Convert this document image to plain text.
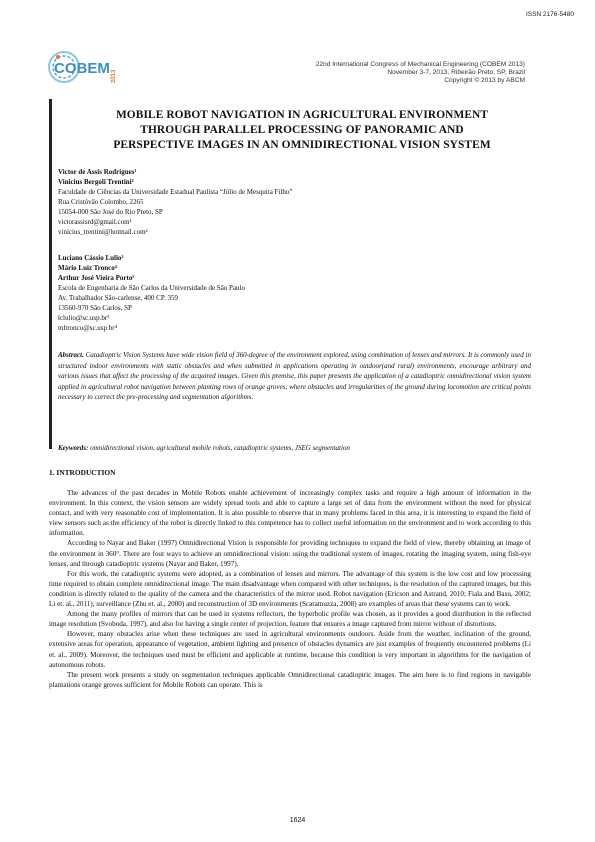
ISSN 2176-5480
COBEM 2013
22nd International Congress of Mechanical Engineering (COBEM 2013)
November 3-7, 2013, Ribeirão Preto, SP, Brazil
Copyright © 2013 by ABCM
MOBILE ROBOT NAVIGATION IN AGRICULTURAL ENVIRONMENT
THROUGH PARALLEL PROCESSING OF PANORAMIC AND
PERSPECTIVE IMAGES IN AN OMNIDIRECTIONAL VISION SYSTEM
Victor de Assis Rodrigues¹
Vinicius Bergoli Trentini²
Faculdade de Ciências da Universidade Estadual Paulista “Júlio de Mesquita Filho”
Rua Cristóvão Colombo, 2265
15054-000 São José do Rio Preto, SP
victorassisrd@gmail.com¹
vinicius_trentini@hotmail.com²
Luciano Cássio Lulio³
Mário Luiz Tronco⁴
Arthur José Vieira Porto⁵
Escola de Engenharia de São Carlos da Universidade de São Paulo
Av. Trabalhador São-carlense, 400 CP. 359
13560-970 São Carlos, SP
lclulio@sc.usp.br³
mltronco@sc.usp.br⁴
Abstract. Catadioptric Vision Systems have wide vision field of 360-degree of the environment explored, using combination of lenses and mirrors. It is commonly used in structured indoor environments with static obstacles and when submitted in applications operating in outdoor(and rural) environments, encourage arbitrary and various issues that affect the processing of the acquired images. Given this premise, this paper presents the application of a catadioptric omnidirectional vision system applied in agricultural robot navigation between planting rows of orange groves, where obstacles and irregularities of the ground during locomotion are critical points necessary to correct the pre-processing and segmentation algorithms.
Keywords: omnidirectional vision, agricultural mobile robots, catadioptric systems, JSEG segmentation
1. INTRODUCTION

The advances of the past decades in Mobile Robots enable achievement of increasingly complex tasks and require a high amount of information in the environment. In this context, the vision sensors are widely spread tools and able to capture a large set of data from the environment without the need for physical contact, and with very reasonable cost of implementation. It is also possible to observe that in many problems faced in this area, it is interesting to expand the field of view sensors such as the efficiency of the robot is directly linked to this competence has to collect useful information on the environment and to work according to this information.

According to Nayar and Baker (1997) Omnidirectional Vision is responsible for providing techniques to expand the field of view, thereby obtaining an image of the environment in 360°. There are four ways to achieve an omnidirectional vision: using the traditional system of images, rotating the imaging system, using fish-eye lenses, and through catadioptric systems (Nayar and Baker, 1997).

For this work, the catadioptric systems were adopted, as a combination of lenses and mirrors. The advantage of this system is the low cost and low processing time required to obtain complete omnidirectional image. The main disadvantage when compared with other techniques, is the resolution of the captured images, but this condition is directly related to the quality of the camera and the characteristics of the mirror used. Robot navigation (Ericson and Astrand, 2010; Fiala and Basu, 2002; Li et. al., 2011), surveillance (Zhu et. al., 2000) and reconstruction of 3D environments (Scaramuzza, 2008) are examples of areas that these systems can to work.

Among the many profiles of mirrors that can be used in systems reflectors, the hyperbolic profile was chosen, as it provides a good distribution in the reflected image resolution (Svoboda, 1997), and also for having a single center of projection, feature that ensures a image captured from mirror without of distortions.

However, many obstacles arise when these techniques are used in agricultural environments outdoors. Aside from the weather, inclination of the ground, extensive areas for operation, appearance of vegetation, ambient lighting and presence of obstacles dynamics are just examples of frequently encountered problems (Li et. al., 2009). Moreover, the techniques used must be efficient and applicable at runtime, because this condition is very important in algorithms for the navigation of autonomous robots.

The present work presents a study on segmentation techniques applicable Omnidirectional catadioptric images. The aim here is to find regions in navigable plantations orange groves sufficient for Mobile Robots can operate. This is

1624
